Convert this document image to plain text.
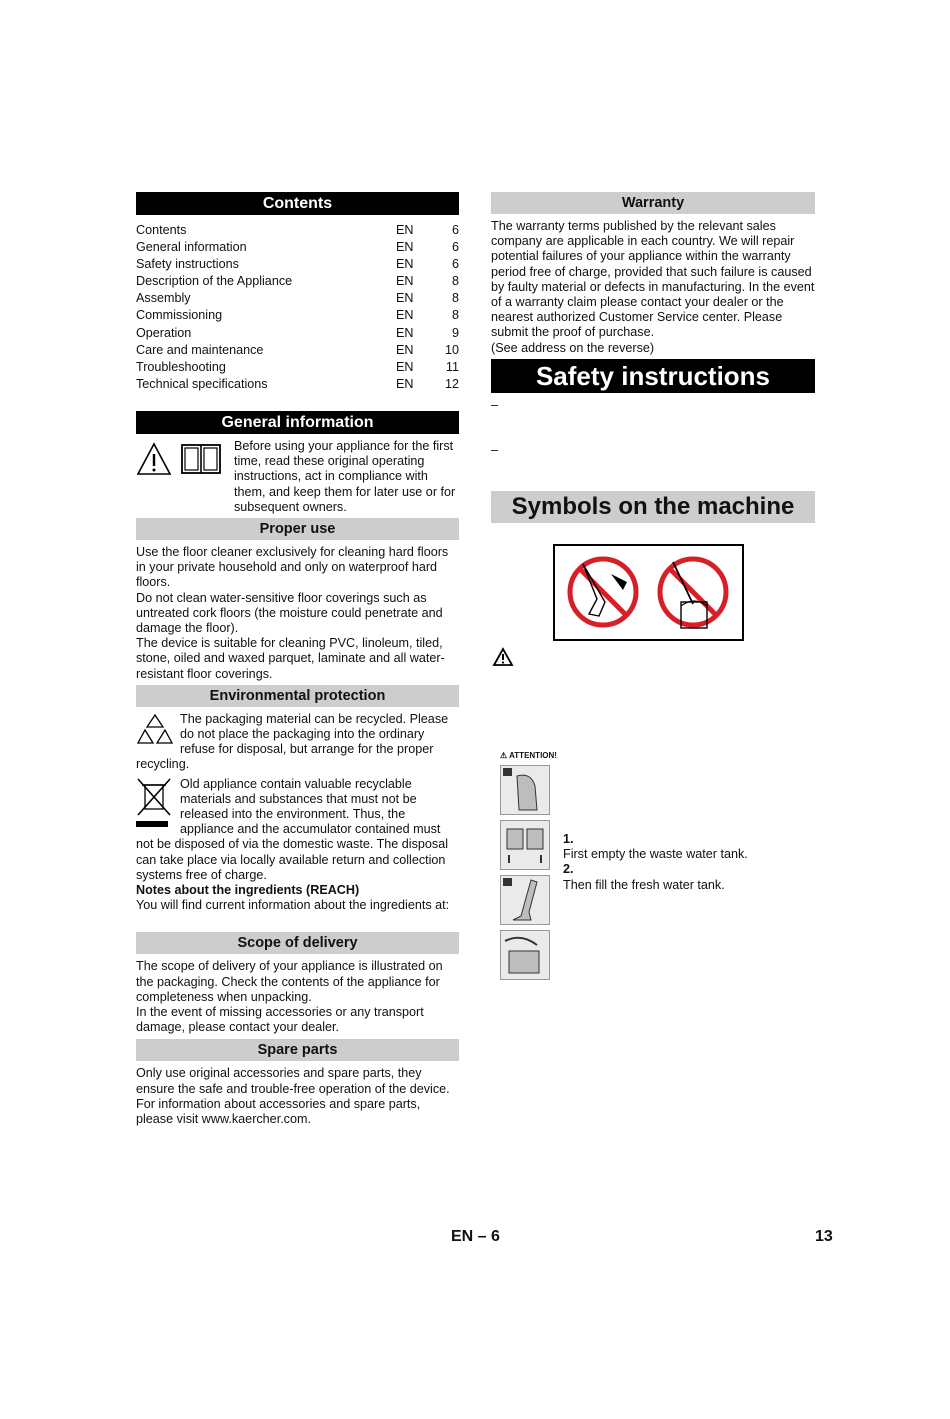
Contents
Contents	EN	6
General information	EN	6
Safety instructions	EN	6
Description of the Appliance	EN	8
Assembly	EN	8
Commissioning	EN	8
Operation	EN	9
Care and maintenance	EN	10
Troubleshooting	EN	11
Technical specifications	EN	12
General information

Before using your appliance for the first time, read these original operating instructions, act in compliance with them, and keep them for later use or for subsequent owners.

Proper use

Use the floor cleaner exclusively for cleaning hard floors in your private household and only on waterproof hard floors.

Do not clean water-sensitive floor coverings such as untreated cork floors (the moisture could penetrate and damage the floor).

The device is suitable for cleaning PVC, linoleum, tiled, stone, oiled and waxed parquet, laminate and all water-resistant floor coverings.

Environmental protection

The packaging material can be recycled. Please do not place the packaging into the ordinary refuse for disposal, but arrange for the proper recycling.

Old appliance contain valuable recyclable materials and substances that must not be released into the environment. Thus, the appliance and the accumulator contained must not be disposed of via the domestic waste. The disposal can take place via locally available return and collection systems free of charge.

Notes about the ingredients (REACH)

You will find current information about the ingredients at:

Scope of delivery

The scope of delivery of your appliance is illustrated on the packaging. Check the contents of the appliance for completeness when unpacking.

In the event of missing accessories or any transport damage, please contact your dealer.

Spare parts

Only use original accessories and spare parts, they ensure the safe and trouble-free operation of the device.

For information about accessories and spare parts, please visit www.kaercher.com.

Warranty

The warranty terms published by the relevant sales company are applicable in each country. We will repair potential failures of your appliance within the warranty period free of charge, provided that such failure is caused by faulty material or defects in manufacturing. In the event of a warranty claim please contact your dealer or the nearest authorized Customer Service center. Please submit the proof of purchase.

(See address on the reverse)

Safety instructions
–
–
Symbols on the machine
⚠ ATTENTION!

1.

First empty the waste water tank.

2.

Then fill the fresh water tank.

EN – 6	13
